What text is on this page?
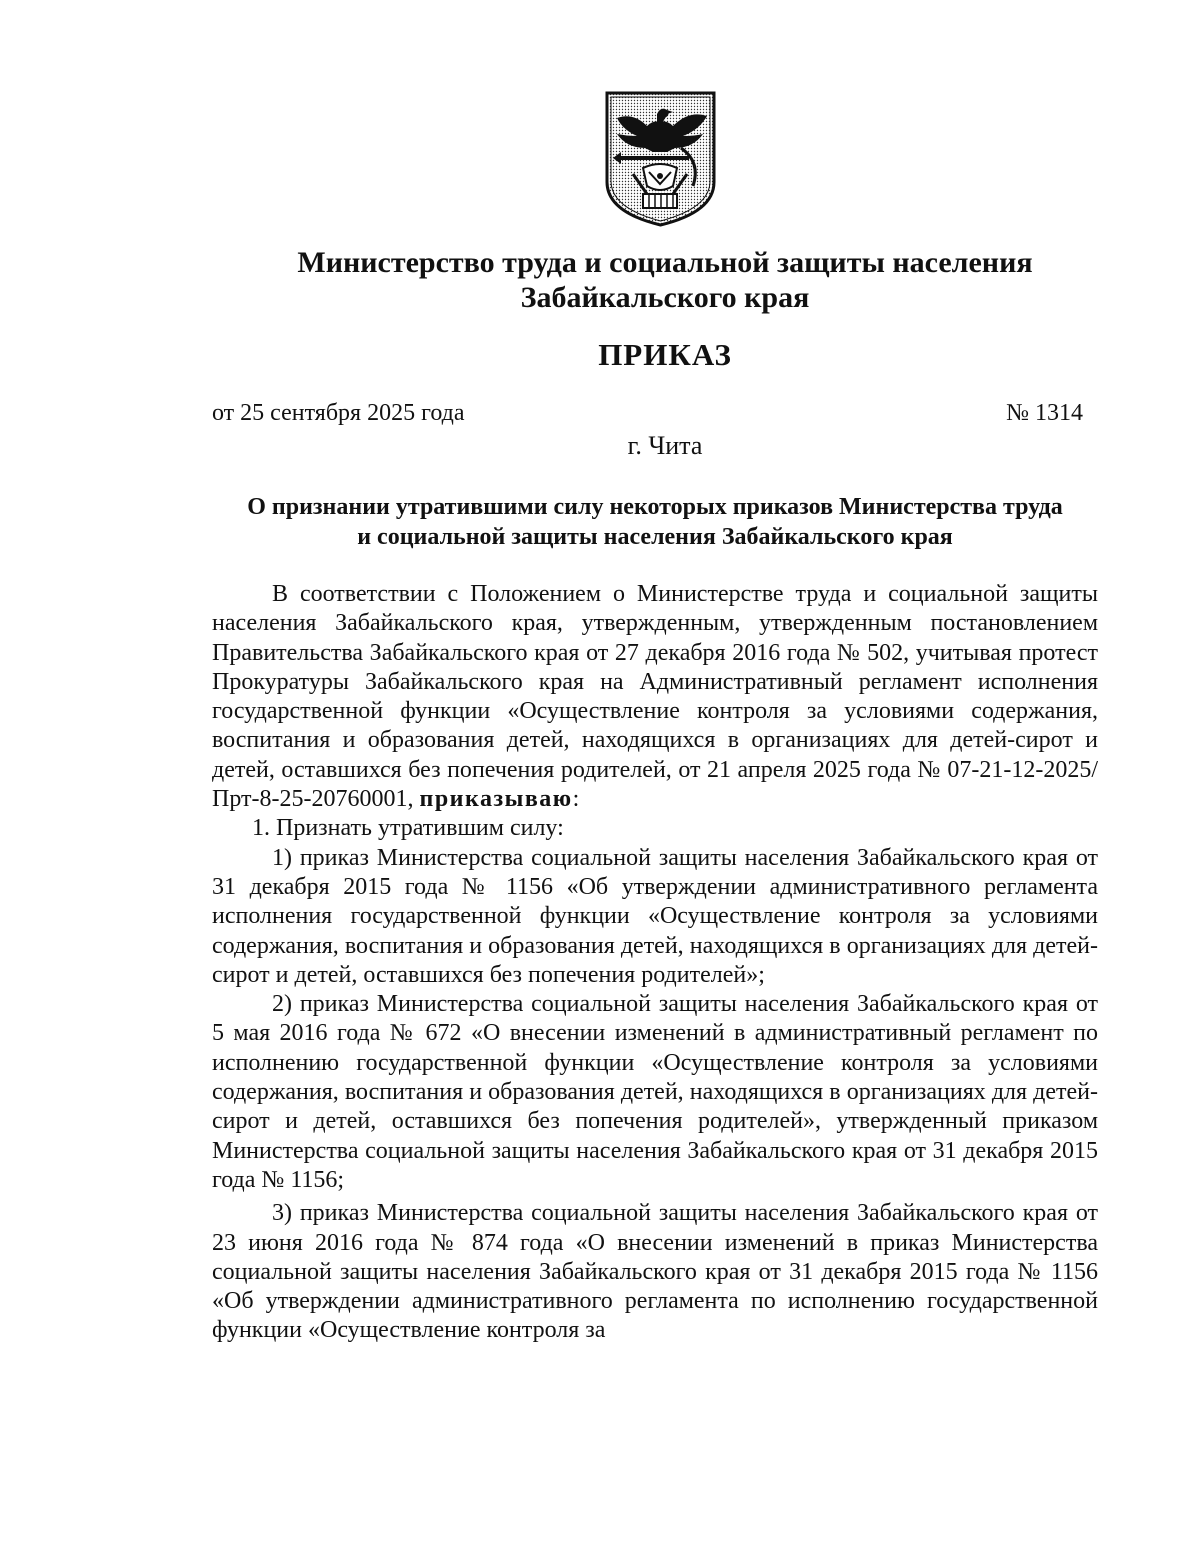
Министерство труда и социальной защиты населения
Забайкальского края
ПРИКАЗ
от 25 сентября 2025 года	№ 1314
г. Чита
О признании утратившими силу некоторых приказов Министерства труда
и социальной защиты населения Забайкальского края

В соответствии с Положением о Министерстве труда и социальной защиты населения Забайкальского края, утвержденным, утвержденным постановлением Правительства Забайкальского края от 27 декабря 2016 года № 502, учитывая протест Прокуратуры Забайкальского края на Административный регламент исполнения государственной функции «Осуществление контроля за условиями содержания, воспитания и образования детей, находящихся в организациях для детей-сирот и детей, оставшихся без попечения родителей, от 21 апреля 2025 года № 07-21-12-2025/Прт-8-25-20760001, приказываю:

1. Признать утратившим силу:

1) приказ Министерства социальной защиты населения Забайкальского края от 31 декабря 2015 года № 1156 «Об утверждении административного регламента исполнения государственной функции «Осуществление контроля за условиями содержания, воспитания и образования детей, находящихся в организациях для детей-сирот и детей, оставшихся без попечения родителей»;

2) приказ Министерства социальной защиты населения Забайкальского края от 5 мая 2016 года № 672 «О внесении изменений в административный регламент по исполнению государственной функции «Осуществление контроля за условиями содержания, воспитания и образования детей, находящихся в организациях для детей-сирот и детей, оставшихся без попечения родителей», утвержденный приказом Министерства социальной защиты населения Забайкальского края от 31 декабря 2015 года № 1156;

3) приказ Министерства социальной защиты населения Забайкальского края от 23 июня 2016 года № 874 года «О внесении изменений в приказ Министерства социальной защиты населения Забайкальского края от 31 декабря 2015 года № 1156 «Об утверждении административного регламента по исполнению государственной функции «Осуществление контроля за
